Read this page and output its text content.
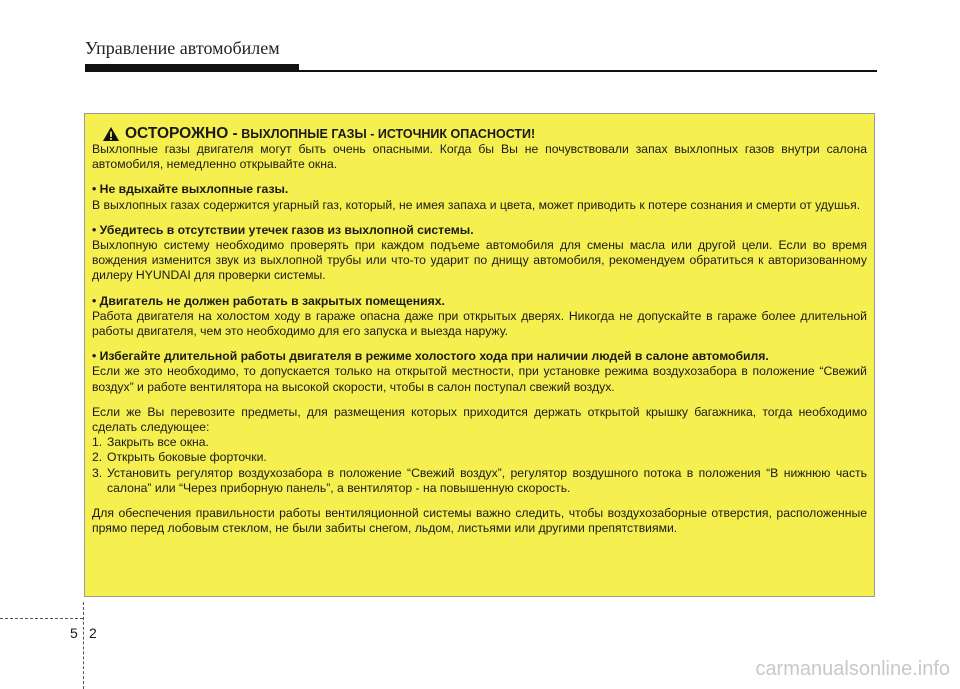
Управление автомобилем
ОСТОРОЖНО -
ВЫХЛОПНЫЕ ГАЗЫ - ИСТОЧНИК ОПАСНОСТИ!

Выхлопные газы двигателя могут быть очень опасными. Когда бы Вы не почувствовали запах выхлопных газов внутри салона автомобиля, немедленно открывайте окна.

• Не вдыхайте выхлопные газы.

В выхлопных газах содержится угарный газ, который, не имея запаха и цвета, может приводить к потере сознания и смерти от удушья.

• Убедитесь в отсутствии утечек газов из выхлопной системы.

Выхлопную систему необходимо проверять при каждом подъеме автомобиля для смены масла или другой цели. Если во время вождения изменится звук из выхлопной трубы или что-то ударит по днищу автомобиля, рекомендуем обратиться к авторизованному дилеру HYUNDAI для проверки системы.

• Двигатель не должен работать в закрытых помещениях.

Работа двигателя на холостом ходу в гараже опасна даже при открытых дверях. Никогда не допускайте в гараже более длительной работы двигателя, чем это необходимо для его запуска и выезда наружу.

• Избегайте длительной работы двигателя в режиме холостого хода при наличии людей в салоне автомобиля.

Если же это необходимо, то допускается только на открытой местности, при установке режима воздухозабора в положение “Свежий воздух” и работе вентилятора на высокой скорости, чтобы в салон поступал свежий воздух.

Если же Вы перевозите предметы, для размещения которых приходится держать открытой крышку багажника, тогда необходимо сделать следующее:

1. Закрыть все окна.
2. Открыть боковые форточки.
3. Установить регулятор воздухозабора в положение “Свежий воздух”, регулятор воздушного потока в положения “В нижнюю часть салона” или “Через приборную панель”, а вентилятор - на повышенную скорость.

Для обеспечения правильности работы вентиляционной системы важно следить, чтобы воздухозаборные отверстия, расположенные прямо перед лобовым стеклом, не были забиты снегом, льдом, листьями или другими препятствиями.

5 2
carmanualsonline.info
